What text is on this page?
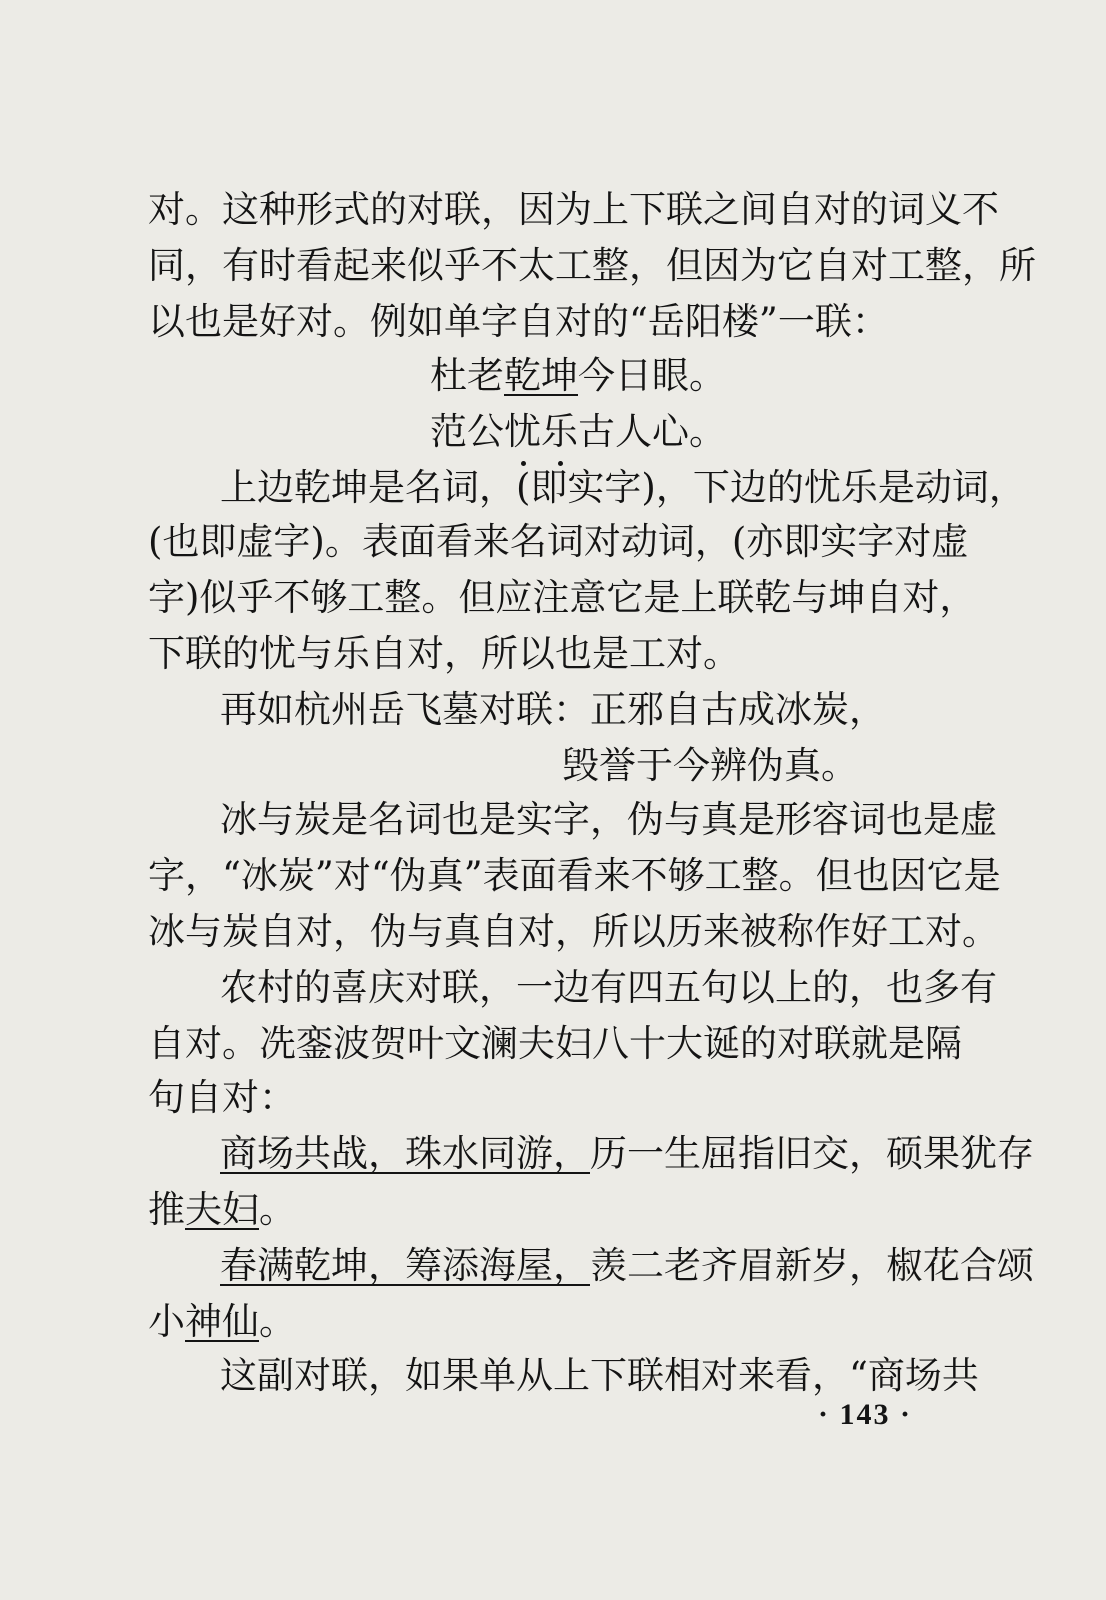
对。这种形式的对联，因为上下联之间自对的词义不
同，有时看起来似乎不太工整，但因为它自对工整，所
以也是好对。例如单字自对的“岳阳楼”一联：
杜老乾坤今日眼。
范公忧乐古人心。
上边乾坤是名词，(即实字)，下边的忧乐是动词，
(也即虚字)。表面看来名词对动词，(亦即实字对虚
字)似乎不够工整。但应注意它是上联乾与坤自对，
下联的忧与乐自对，所以也是工对。
再如杭州岳飞墓对联：正邪自古成冰炭，
毁誉于今辨伪真。
冰与炭是名词也是实字，伪与真是形容词也是虚
字，“冰炭”对“伪真”表面看来不够工整。但也因它是
冰与炭自对，伪与真自对，所以历来被称作好工对。
农村的喜庆对联，一边有四五句以上的，也多有
自对。冼銮波贺叶文澜夫妇八十大诞的对联就是隔
句自对：
商场共战，珠水同游，历一生屈指旧交，硕果犹存
推夫妇。
春满乾坤，筹添海屋，羡二老齐眉新岁，椒花合颂
小神仙。
这副对联，如果单从上下联相对来看，“商场共
· 143 ·
